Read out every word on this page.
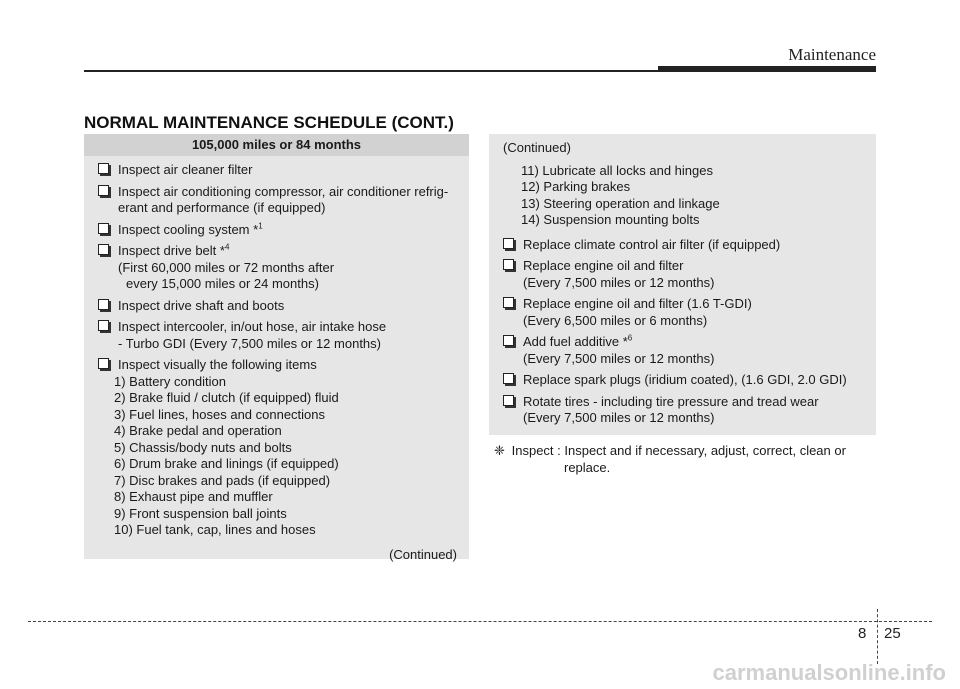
Maintenance
NORMAL MAINTENANCE SCHEDULE (CONT.)
105,000 miles or 84 months
Inspect air cleaner filter
Inspect air conditioning compressor, air conditioner refrig-
erant and performance (if equipped)
Inspect cooling system *$^1$
Inspect drive belt *$^4$
(First 60,000 miles or 72 months after
every 15,000 miles or 24 months)
Inspect drive shaft and boots
Inspect intercooler, in/out hose, air intake hose
- Turbo GDI (Every 7,500 miles or 12 months)
Inspect visually the following items
1) Battery condition
2) Brake fluid / clutch (if equipped) fluid
3) Fuel lines, hoses and connections
4) Brake pedal and operation
5) Chassis/body nuts and bolts
6) Drum brake and linings (if equipped)
7) Disc brakes and pads (if equipped)
8) Exhaust pipe and muffler
9) Front suspension ball joints
10) Fuel tank, cap, lines and hoses
(Continued)
(Continued)
11) Lubricate all locks and hinges
12) Parking brakes
13) Steering operation and linkage
14) Suspension mounting bolts
Replace climate control air filter (if equipped)
Replace engine oil and filter
(Every 7,500 miles or 12 months)
Replace engine oil and filter (1.6 T-GDI)
(Every 6,500 miles or 6 months)
Add fuel additive *$^6$
(Every 7,500 miles or 12 months)
Replace spark plugs (iridium coated), (1.6 GDI, 2.0 GDI)
Rotate tires - including tire pressure and tread wear
(Every 7,500 miles or 12 months)
❈ Inspect : Inspect and if necessary, adjust, correct, clean or
replace.
8 25
carmanualsonline.info
